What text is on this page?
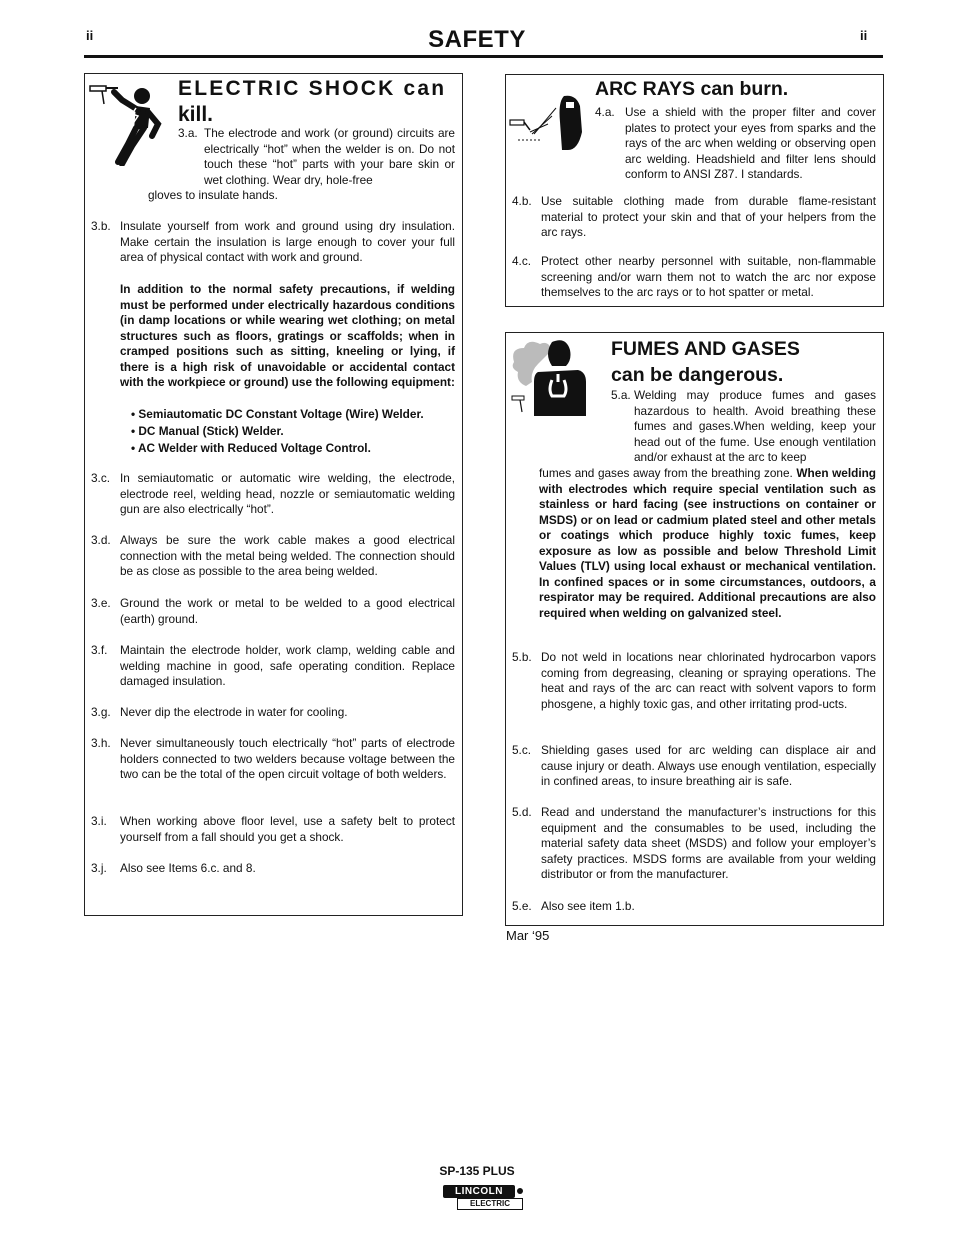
ii	ii
SAFETY
ELECTRIC SHOCK can
kill.
3.a. The electrode and work (or ground) circuits are electrically “hot” when the welder is on. Do not touch these “hot” parts with your bare skin or wet clothing. Wear dry, hole-free
gloves to insulate hands.
3.b. Insulate yourself from work and ground using dry insulation. Make certain the insulation is large enough to cover your full area of physical contact with work and ground.
In addition to the normal safety precautions, if welding must be performed under electrically hazardous conditions (in damp locations or while wearing wet clothing; on metal structures such as floors, gratings or scaffolds; when in cramped positions such as sitting, kneeling or lying, if there is a high risk of unavoidable or accidental contact with the workpiece or ground) use the following equipment:
• Semiautomatic DC Constant Voltage (Wire) Welder.
• DC Manual (Stick) Welder.
• AC Welder with Reduced Voltage Control.
3.c. In semiautomatic or automatic wire welding, the electrode, electrode reel, welding head, nozzle or semiautomatic welding gun are also electrically “hot”.
3.d. Always be sure the work cable makes a good electrical connection with the metal being welded. The connection should be as close as possible to the area being welded.
3.e. Ground the work or metal to be welded to a good electrical (earth) ground.
3.f. Maintain the electrode holder, work clamp, welding cable and welding machine in good, safe operating condition. Replace damaged insulation.
3.g. Never dip the electrode in water for cooling.
3.h. Never simultaneously touch electrically “hot” parts of electrode holders connected to two welders because voltage between the two can be the total of the open circuit voltage of both welders.
3.i. When working above floor level, use a safety belt to protect yourself from a fall should you get a shock.
3.j. Also see Items 6.c. and 8.
ARC RAYS can burn.
4.a. Use a shield with the proper filter and cover plates to protect your eyes from sparks and the rays of the arc when welding or observing open arc welding. Headshield and filter lens should conform to ANSI Z87. I standards.
4.b. Use suitable clothing made from durable flame-resistant material to protect your skin and that of your helpers from the arc rays.
4.c. Protect other nearby personnel with suitable, non-flammable screening and/or warn them not to watch the arc nor expose themselves to the arc rays or to hot spatter or metal.
FUMES AND GASES
can be dangerous.
5.a. Welding may produce fumes and gases hazardous to health. Avoid breathing these fumes and gases.When welding, keep your head out of the fume. Use enough ventilation and/or exhaust at the arc to keep
fumes and gases away from the breathing zone. When welding with electrodes which require special ventilation such as stainless or hard facing (see instructions on container or MSDS) or on lead or cadmium plated steel and other metals or coatings which produce highly toxic fumes, keep exposure as low as possible and below Threshold Limit Values (TLV) using local exhaust or mechanical ventilation. In confined spaces or in some circumstances, outdoors, a respirator may be required. Additional precautions are also required when welding on galvanized steel.
5.b. Do not weld in locations near chlorinated hydrocarbon vapors coming from degreasing, cleaning or spraying operations. The heat and rays of the arc can react with solvent vapors to form phosgene, a highly toxic gas, and other irritating prod-ucts.
5.c. Shielding gases used for arc welding can displace air and cause injury or death. Always use enough ventilation, especially in confined areas, to insure breathing air is safe.
5.d. Read and understand the manufacturer’s instructions for this equipment and the consumables to be used, including the material safety data sheet (MSDS) and follow your employer’s safety practices. MSDS forms are available from your welding distributor or from the manufacturer.
5.e. Also see item 1.b.
Mar ‘95
SP-135 PLUS
LINCOLN
ELECTRIC
